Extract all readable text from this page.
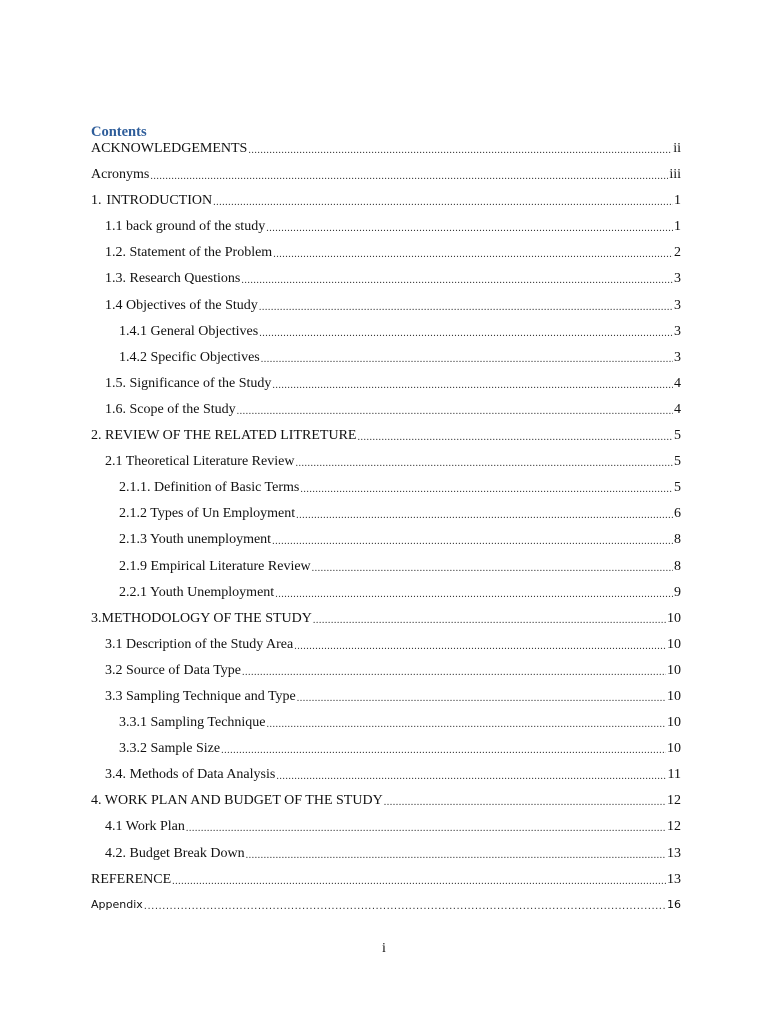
Contents
ACKNOWLEDGEMENTS .....	ii
Acronyms .....	iii
1. INTRODUCTION .....	1
1.1 back ground of the study .....	1
1.2. Statement of the Problem .....	2
1.3. Research Questions .....	3
1.4 Objectives of the Study .....	3
1.4.1 General Objectives .....	3
1.4.2 Specific Objectives .....	3
1.5. Significance of the Study .....	4
1.6. Scope of the Study .....	4
2. REVIEW OF THE RELATED LITRETURE .....	5
2.1 Theoretical Literature Review .....	5
2.1.1. Definition of Basic Terms .....	5
2.1.2 Types of Un Employment .....	6
2.1.3 Youth unemployment .....	8
2.1.9 Empirical Literature Review .....	8
2.2.1 Youth Unemployment .....	9
3.METHODOLOGY OF THE STUDY .....	10
3.1 Description of the Study Area .....	10
3.2 Source of Data Type .....	10
3.3 Sampling Technique and Type .....	10
3.3.1 Sampling Technique .....	10
3.3.2 Sample Size .....	10
3.4. Methods of Data Analysis .....	11
4. WORK PLAN AND BUDGET OF THE STUDY .....	12
4.1 Work Plan .....	12
4.2. Budget Break Down .....	13
REFERENCE .....	13
Appendix .....	16
i
